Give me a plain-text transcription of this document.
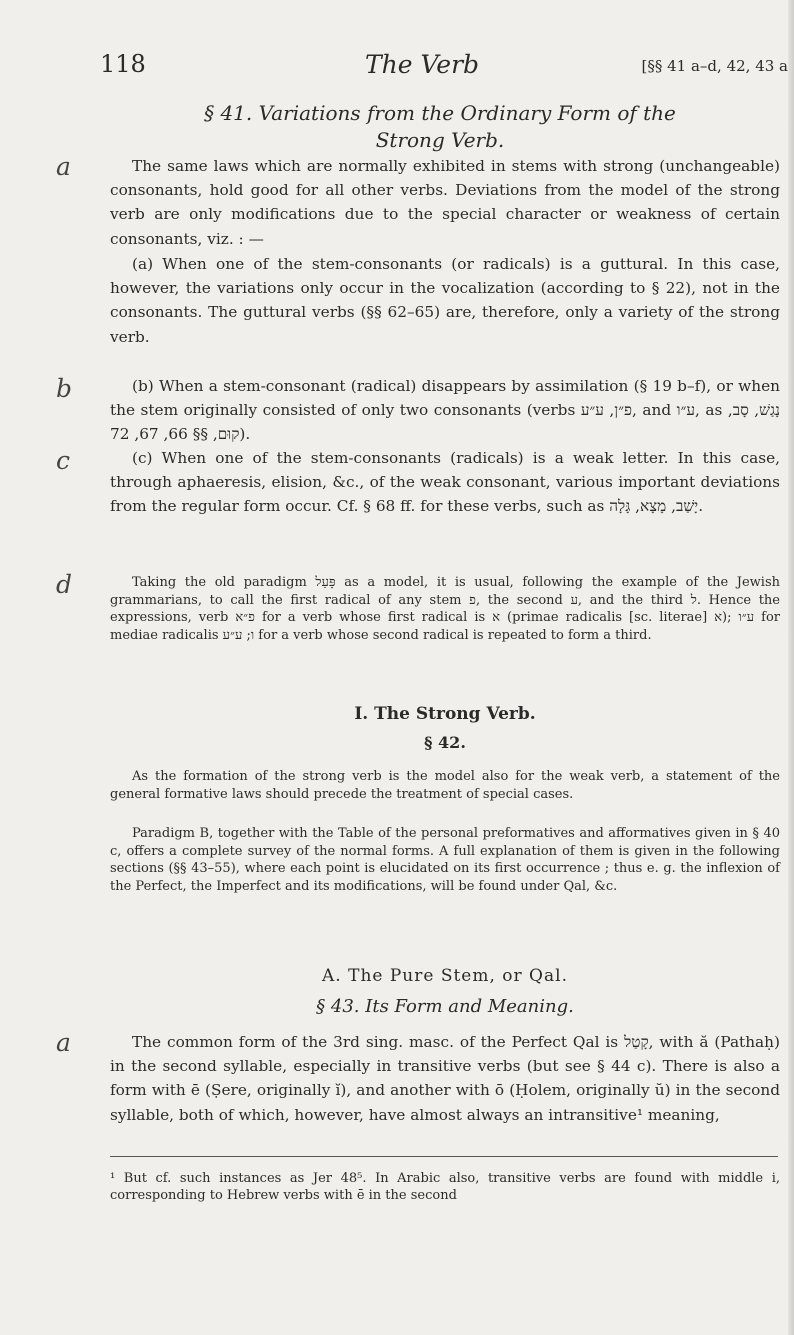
118	The Verb	[§§ 41 a–d, 42, 43 a
§ 41. Variations from the Ordinary Form of the
Strong Verb.
a	The same laws which are normally exhibited in stems with strong (unchangeable) consonants, hold good for all other verbs. Deviations from the model of the strong verb are only modifications due to the special character or weakness of certain consonants, viz. : —

(a) When one of the stem-consonants (or radicals) is a guttural. In this case, however, the variations only occur in the vocalization (according to § 22), not in the consonants. The guttural verbs (§§ 62–65) are, therefore, only a variety of the strong verb.

b	(b) When a stem-consonant (radical) disappears by assimilation (§ 19 b–f), or when the stem originally consisted of only two consonants (verbs פ״ן, ע״ע, and ע״ו, as נָגַשׁ, סָב, קוּם, §§ 66, 67, 72).

c	(c) When one of the stem-consonants (radicals) is a weak letter. In this case, through aphaeresis, elision, &c., of the weak consonant, various important deviations from the regular form occur. Cf. § 68 ff. for these verbs, such as יָשַׁב, מָצָא, גָּלָה.

d	Taking the old paradigm פָּעַל as a model, it is usual, following the example of the Jewish grammarians, to call the first radical of any stem פ, the second ע, and the third ל. Hence the expressions, verb פ״א for a verb whose first radical is א (primae radicalis [sc. literae] א); ע״ו for mediae radicalis ו; ע״ע for a verb whose second radical is repeated to form a third.

I. The Strong Verb.
§ 42.

As the formation of the strong verb is the model also for the weak verb, a statement of the general formative laws should precede the treatment of special cases.

Paradigm B, together with the Table of the personal preformatives and afformatives given in § 40 c, offers a complete survey of the normal forms. A full explanation of them is given in the following sections (§§ 43–55), where each point is elucidated on its first occurrence ; thus e. g. the inflexion of the Perfect, the Imperfect and its modifications, will be found under Qal, &c.

A. The Pure Stem, or Qal.
§ 43. Its Form and Meaning.
a	The common form of the 3rd sing. masc. of the Perfect Qal is קָטַל, with ă (Pathaḥ) in the second syllable, especially in transitive verbs (but see § 44 c). There is also a form with ē (Ṣere, originally ĭ), and another with ō (Ḥolem, originally ŭ) in the second syllable, both of which, however, have almost always an intransitive¹ meaning,

¹ But cf. such instances as Jer 48⁵. In Arabic also, transitive verbs are found with middle i, corresponding to Hebrew verbs with ē in the second
